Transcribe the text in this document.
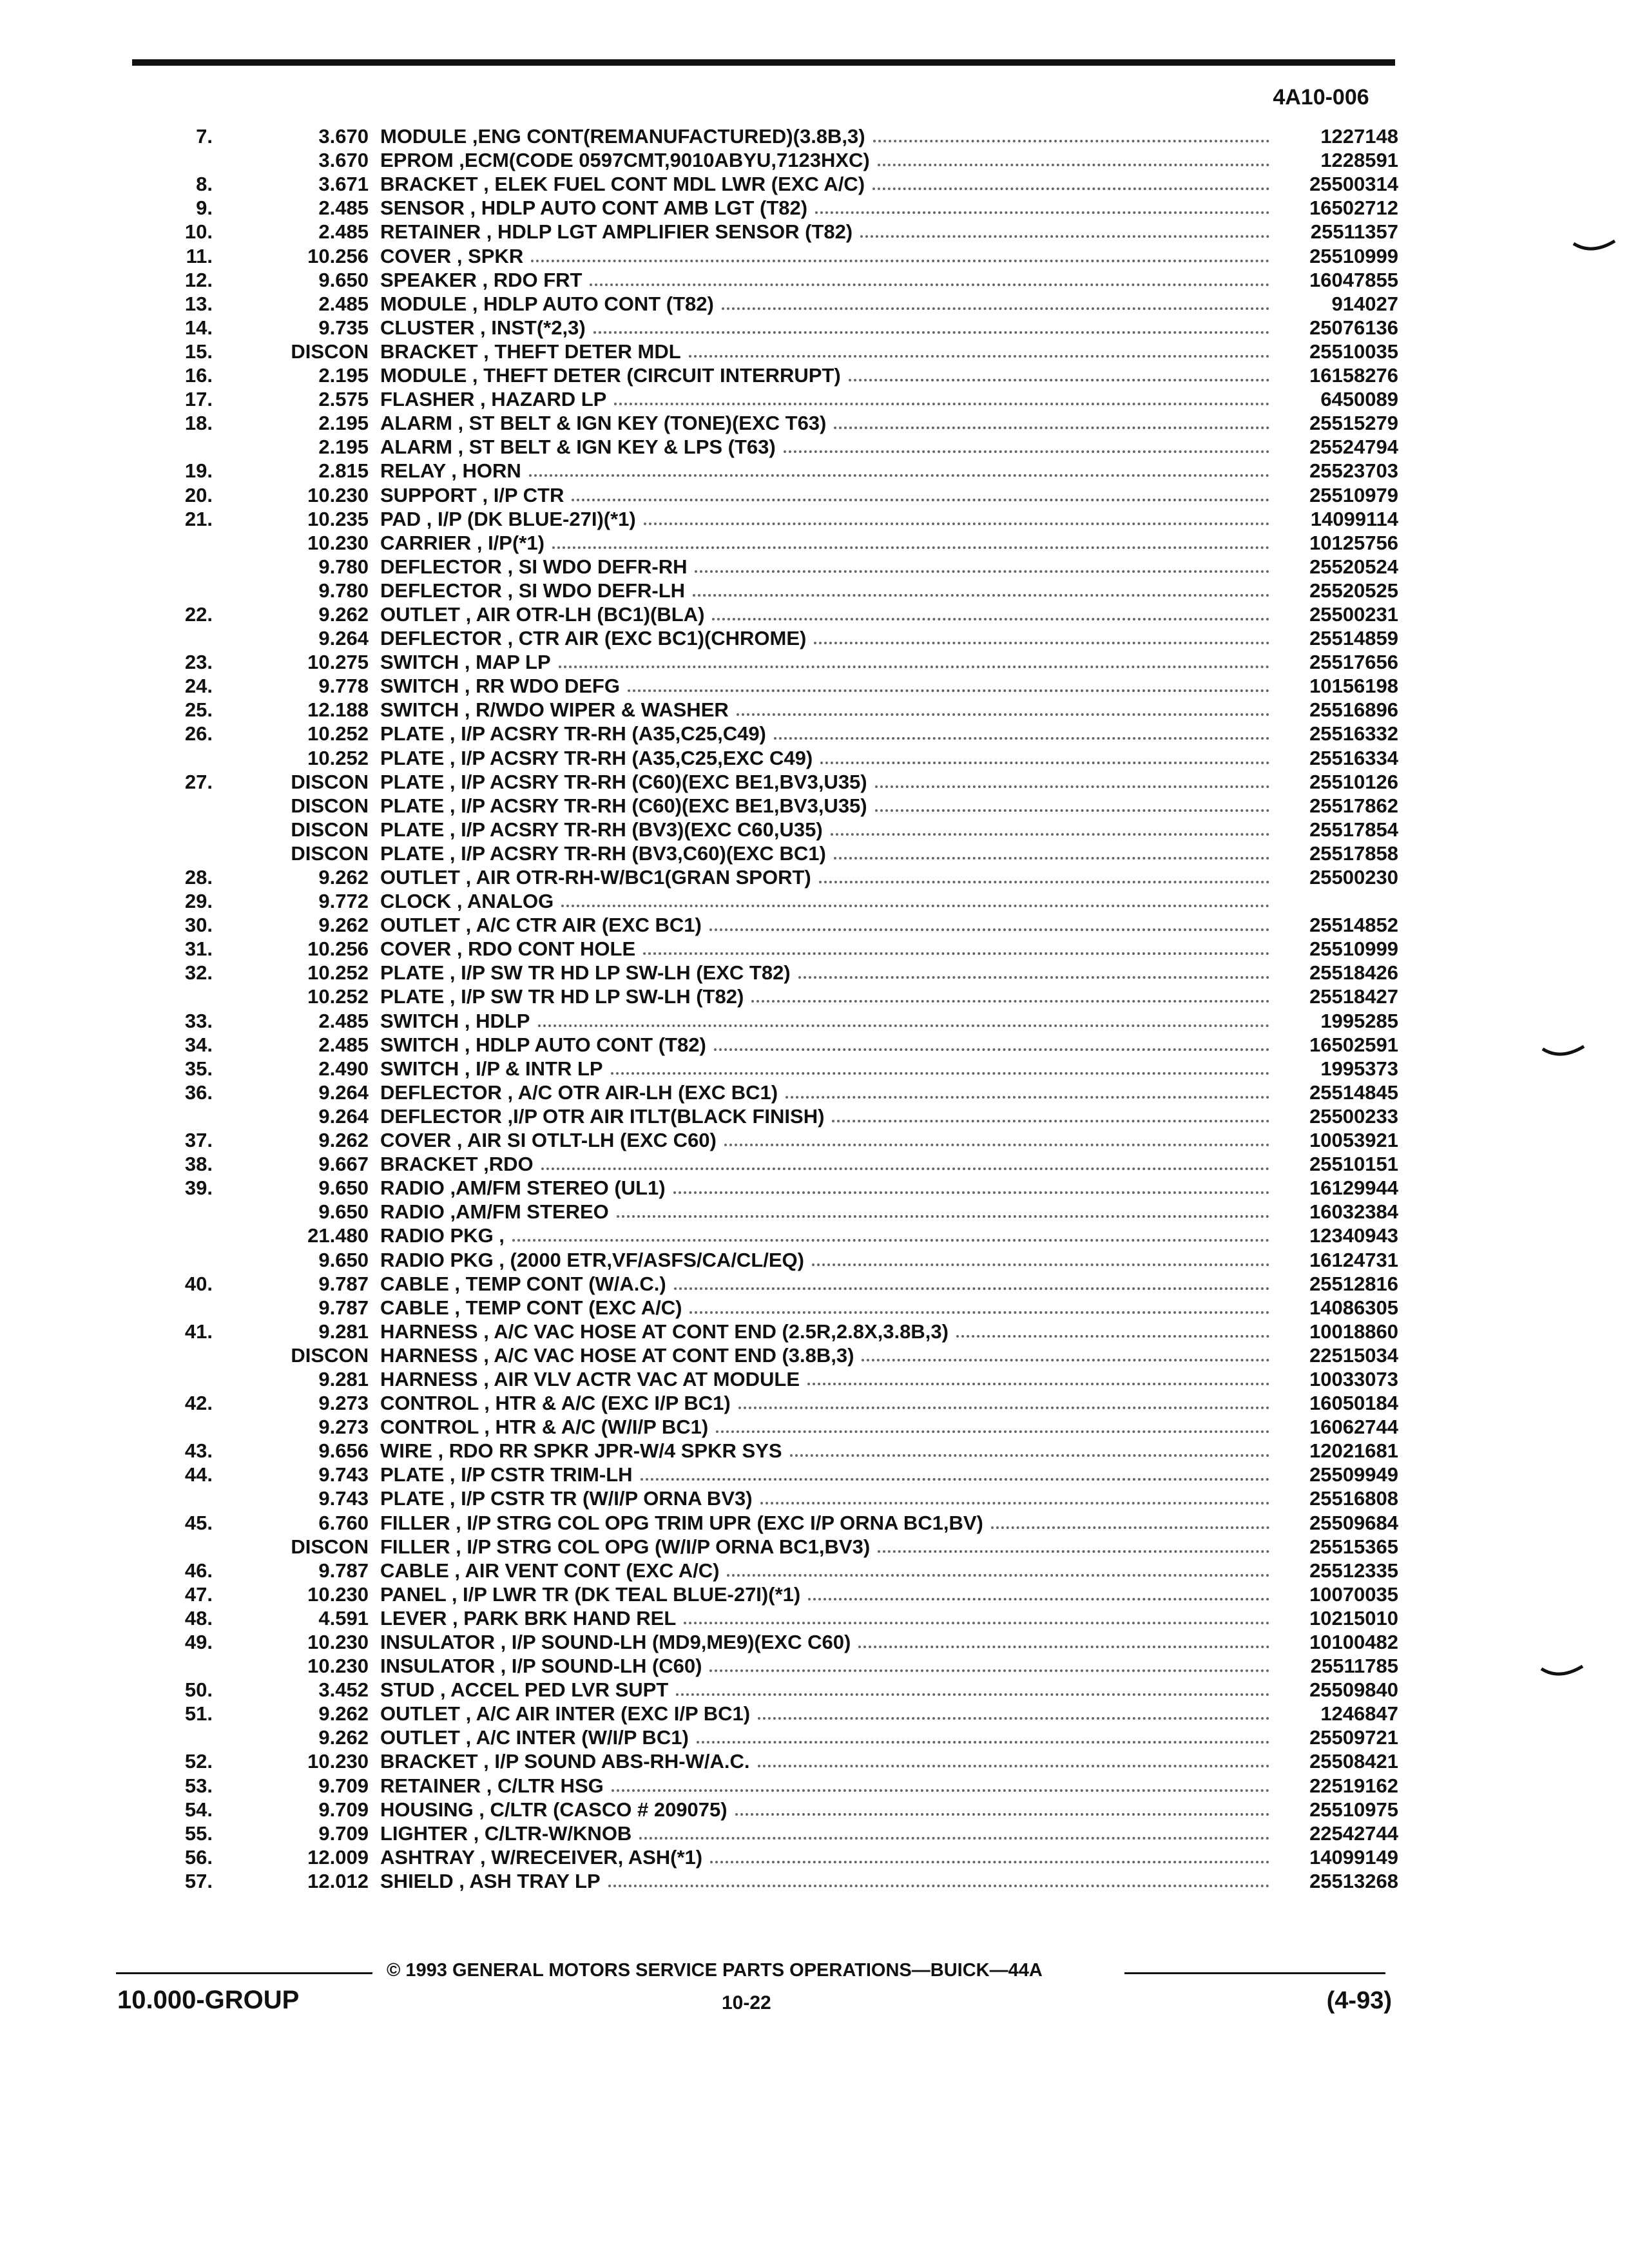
4A10-006
7.	3.670 MODULE ,ENG CONT(REMANUFACTURED)(3.8B,3)	1227148
3.670 EPROM ,ECM(CODE 0597CMT,9010ABYU,7123HXC)	1228591
8.	3.671 BRACKET , ELEK FUEL CONT MDL LWR (EXC A/C)	25500314
9.	2.485 SENSOR , HDLP AUTO CONT AMB LGT (T82)	16502712
10.	2.485 RETAINER , HDLP LGT AMPLIFIER SENSOR (T82)	25511357
11.	10.256 COVER , SPKR	25510999
12.	9.650 SPEAKER , RDO FRT	16047855
13.	2.485 MODULE , HDLP AUTO CONT (T82)	914027
14.	9.735 CLUSTER , INST(*2,3)	25076136
15.	DISCON BRACKET , THEFT DETER MDL	25510035
16.	2.195 MODULE , THEFT DETER (CIRCUIT INTERRUPT)	16158276
17.	2.575 FLASHER , HAZARD LP	6450089
18.	2.195 ALARM , ST BELT & IGN KEY (TONE)(EXC T63)	25515279
2.195 ALARM , ST BELT & IGN KEY & LPS (T63)	25524794
19.	2.815 RELAY , HORN	25523703
20.	10.230 SUPPORT , I/P CTR	25510979
21.	10.235 PAD , I/P (DK BLUE-27I)(*1)	14099114
10.230 CARRIER , I/P(*1)	10125756
9.780 DEFLECTOR , SI WDO DEFR-RH	25520524
9.780 DEFLECTOR , SI WDO DEFR-LH	25520525
22.	9.262 OUTLET , AIR OTR-LH (BC1)(BLA)	25500231
9.264 DEFLECTOR , CTR AIR (EXC BC1)(CHROME)	25514859
23.	10.275 SWITCH , MAP LP	25517656
24.	9.778 SWITCH , RR WDO DEFG	10156198
25.	12.188 SWITCH , R/WDO WIPER & WASHER	25516896
26.	10.252 PLATE , I/P ACSRY TR-RH (A35,C25,C49)	25516332
10.252 PLATE , I/P ACSRY TR-RH (A35,C25,EXC C49)	25516334
27.	DISCON PLATE , I/P ACSRY TR-RH (C60)(EXC BE1,BV3,U35)	25510126
DISCON PLATE , I/P ACSRY TR-RH (C60)(EXC BE1,BV3,U35)	25517862
DISCON PLATE , I/P ACSRY TR-RH (BV3)(EXC C60,U35)	25517854
DISCON PLATE , I/P ACSRY TR-RH (BV3,C60)(EXC BC1)	25517858
28.	9.262 OUTLET , AIR OTR-RH-W/BC1(GRAN SPORT)	25500230
29.	9.772 CLOCK , ANALOG
30.	9.262 OUTLET , A/C CTR AIR (EXC BC1)	25514852
31.	10.256 COVER , RDO CONT HOLE	25510999
32.	10.252 PLATE , I/P SW TR HD LP SW-LH (EXC T82)	25518426
10.252 PLATE , I/P SW TR HD LP SW-LH (T82)	25518427
33.	2.485 SWITCH , HDLP	1995285
34.	2.485 SWITCH , HDLP AUTO CONT (T82)	16502591
35.	2.490 SWITCH , I/P & INTR LP	1995373
36.	9.264 DEFLECTOR , A/C OTR AIR-LH (EXC BC1)	25514845
9.264 DEFLECTOR ,I/P OTR AIR ITLT(BLACK FINISH)	25500233
37.	9.262 COVER , AIR SI OTLT-LH (EXC C60)	10053921
38.	9.667 BRACKET ,RDO	25510151
39.	9.650 RADIO ,AM/FM STEREO (UL1)	16129944
9.650 RADIO ,AM/FM STEREO	16032384
21.480 RADIO PKG ,	12340943
9.650 RADIO PKG , (2000 ETR,VF/ASFS/CA/CL/EQ)	16124731
40.	9.787 CABLE , TEMP CONT (W/A.C.)	25512816
9.787 CABLE , TEMP CONT (EXC A/C)	14086305
41.	9.281 HARNESS , A/C VAC HOSE AT CONT END (2.5R,2.8X,3.8B,3)	10018860
DISCON HARNESS , A/C VAC HOSE AT CONT END (3.8B,3)	22515034
9.281 HARNESS , AIR VLV ACTR VAC AT MODULE	10033073
42.	9.273 CONTROL , HTR & A/C (EXC I/P BC1)	16050184
9.273 CONTROL , HTR & A/C (W/I/P BC1)	16062744
43.	9.656 WIRE , RDO RR SPKR JPR-W/4 SPKR SYS	12021681
44.	9.743 PLATE , I/P CSTR TRIM-LH	25509949
9.743 PLATE , I/P CSTR TR (W/I/P ORNA BV3)	25516808
45.	6.760 FILLER , I/P STRG COL OPG TRIM UPR (EXC I/P ORNA BC1,BV)	25509684
DISCON FILLER , I/P STRG COL OPG (W/I/P ORNA BC1,BV3)	25515365
46.	9.787 CABLE , AIR VENT CONT (EXC A/C)	25512335
47.	10.230 PANEL , I/P LWR TR (DK TEAL BLUE-27I)(*1)	10070035
48.	4.591 LEVER , PARK BRK HAND REL	10215010
49.	10.230 INSULATOR , I/P SOUND-LH (MD9,ME9)(EXC C60)	10100482
10.230 INSULATOR , I/P SOUND-LH (C60)	25511785
50.	3.452 STUD , ACCEL PED LVR SUPT	25509840
51.	9.262 OUTLET , A/C AIR INTER (EXC I/P BC1)	1246847
9.262 OUTLET , A/C INTER (W/I/P BC1)	25509721
52.	10.230 BRACKET , I/P SOUND ABS-RH-W/A.C.	25508421
53.	9.709 RETAINER , C/LTR HSG	22519162
54.	9.709 HOUSING , C/LTR (CASCO # 209075)	25510975
55.	9.709 LIGHTER , C/LTR-W/KNOB	22542744
56.	12.009 ASHTRAY , W/RECEIVER, ASH(*1)	14099149
57.	12.012 SHIELD , ASH TRAY LP	25513268
© 1993 GENERAL MOTORS SERVICE PARTS OPERATIONS—BUICK—44A
10.000-GROUP	10-22	(4-93)
